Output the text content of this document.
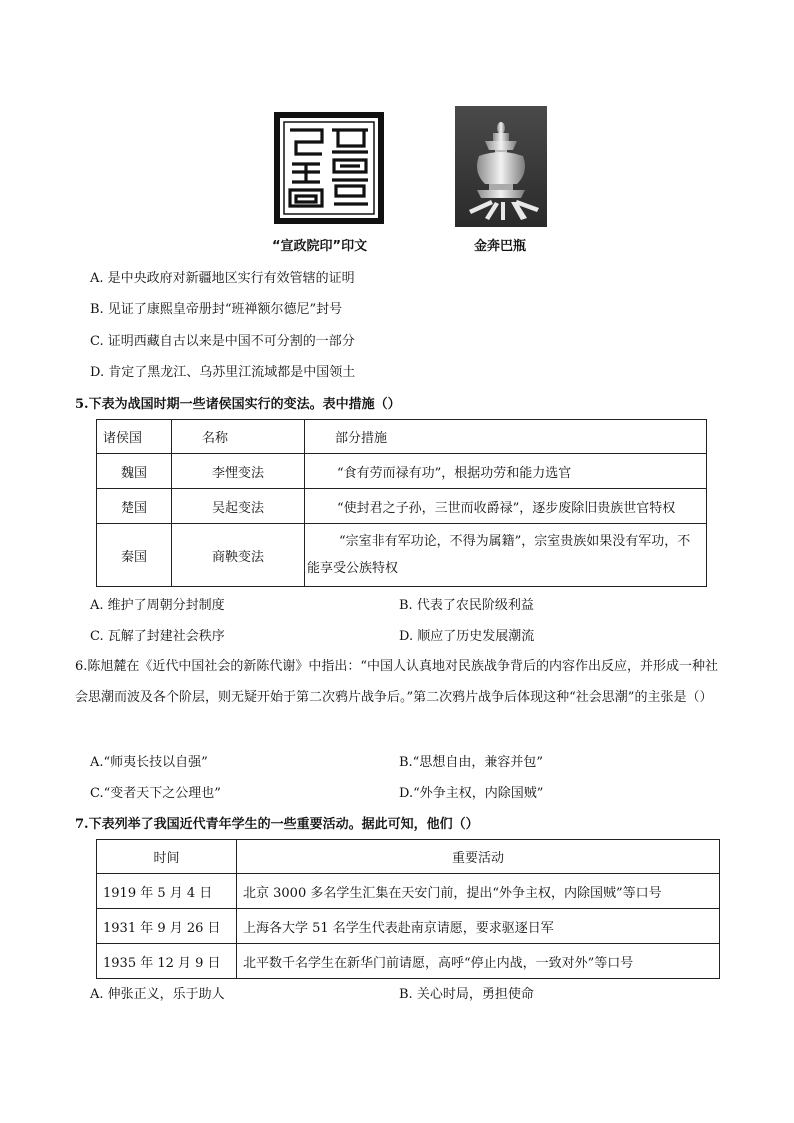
“宣政院印”印文	金奔巴瓶
A. 是中央政府对新疆地区实行有效管辖的证明
B. 见证了康熙皇帝册封“班禅额尔德尼”封号
C. 证明西藏自古以来是中国不可分割的一部分
D. 肯定了黑龙江、乌苏里江流域都是中国领土
5.下表为战国时期一些诸侯国实行的变法。表中措施（）
诸侯国	名称	部分措施
魏国	李悝变法	“食有劳而禄有功”，根据功劳和能力选官
楚国	吴起变法	“使封君之子孙，三世而收爵禄”，逐步废除旧贵族世官特权
秦国	商鞅变法	“宗室非有军功论，不得为属籍”，宗室贵族如果没有军功，不能享受公族特权
A. 维护了周朝分封制度	B. 代表了农民阶级利益
C. 瓦解了封建社会秩序	D. 顺应了历史发展潮流
6.陈旭麓在《近代中国社会的新陈代谢》中指出：“中国人认真地对民族战争背后的内容作出反应，并形成一种社会思潮而波及各个阶层，则无疑开始于第二次鸦片战争后。”第二次鸦片战争后体现这种“社会思潮”的主张是（）
A.“师夷长技以自强”	B.“思想自由，兼容并包”
C.“变者天下之公理也”	D.“外争主权，内除国贼”
7.下表列举了我国近代青年学生的一些重要活动。据此可知，他们（）
时间	重要活动
1919 年 5 月 4 日	北京 3000 多名学生汇集在天安门前，提出“外争主权，内除国贼”等口号
1931 年 9 月 26 日	上海各大学 51 名学生代表赴南京请愿，要求驱逐日军
1935 年 12 月 9 日	北平数千名学生在新华门前请愿，高呼“停止内战，一致对外”等口号
A. 伸张正义，乐于助人	B. 关心时局，勇担使命
